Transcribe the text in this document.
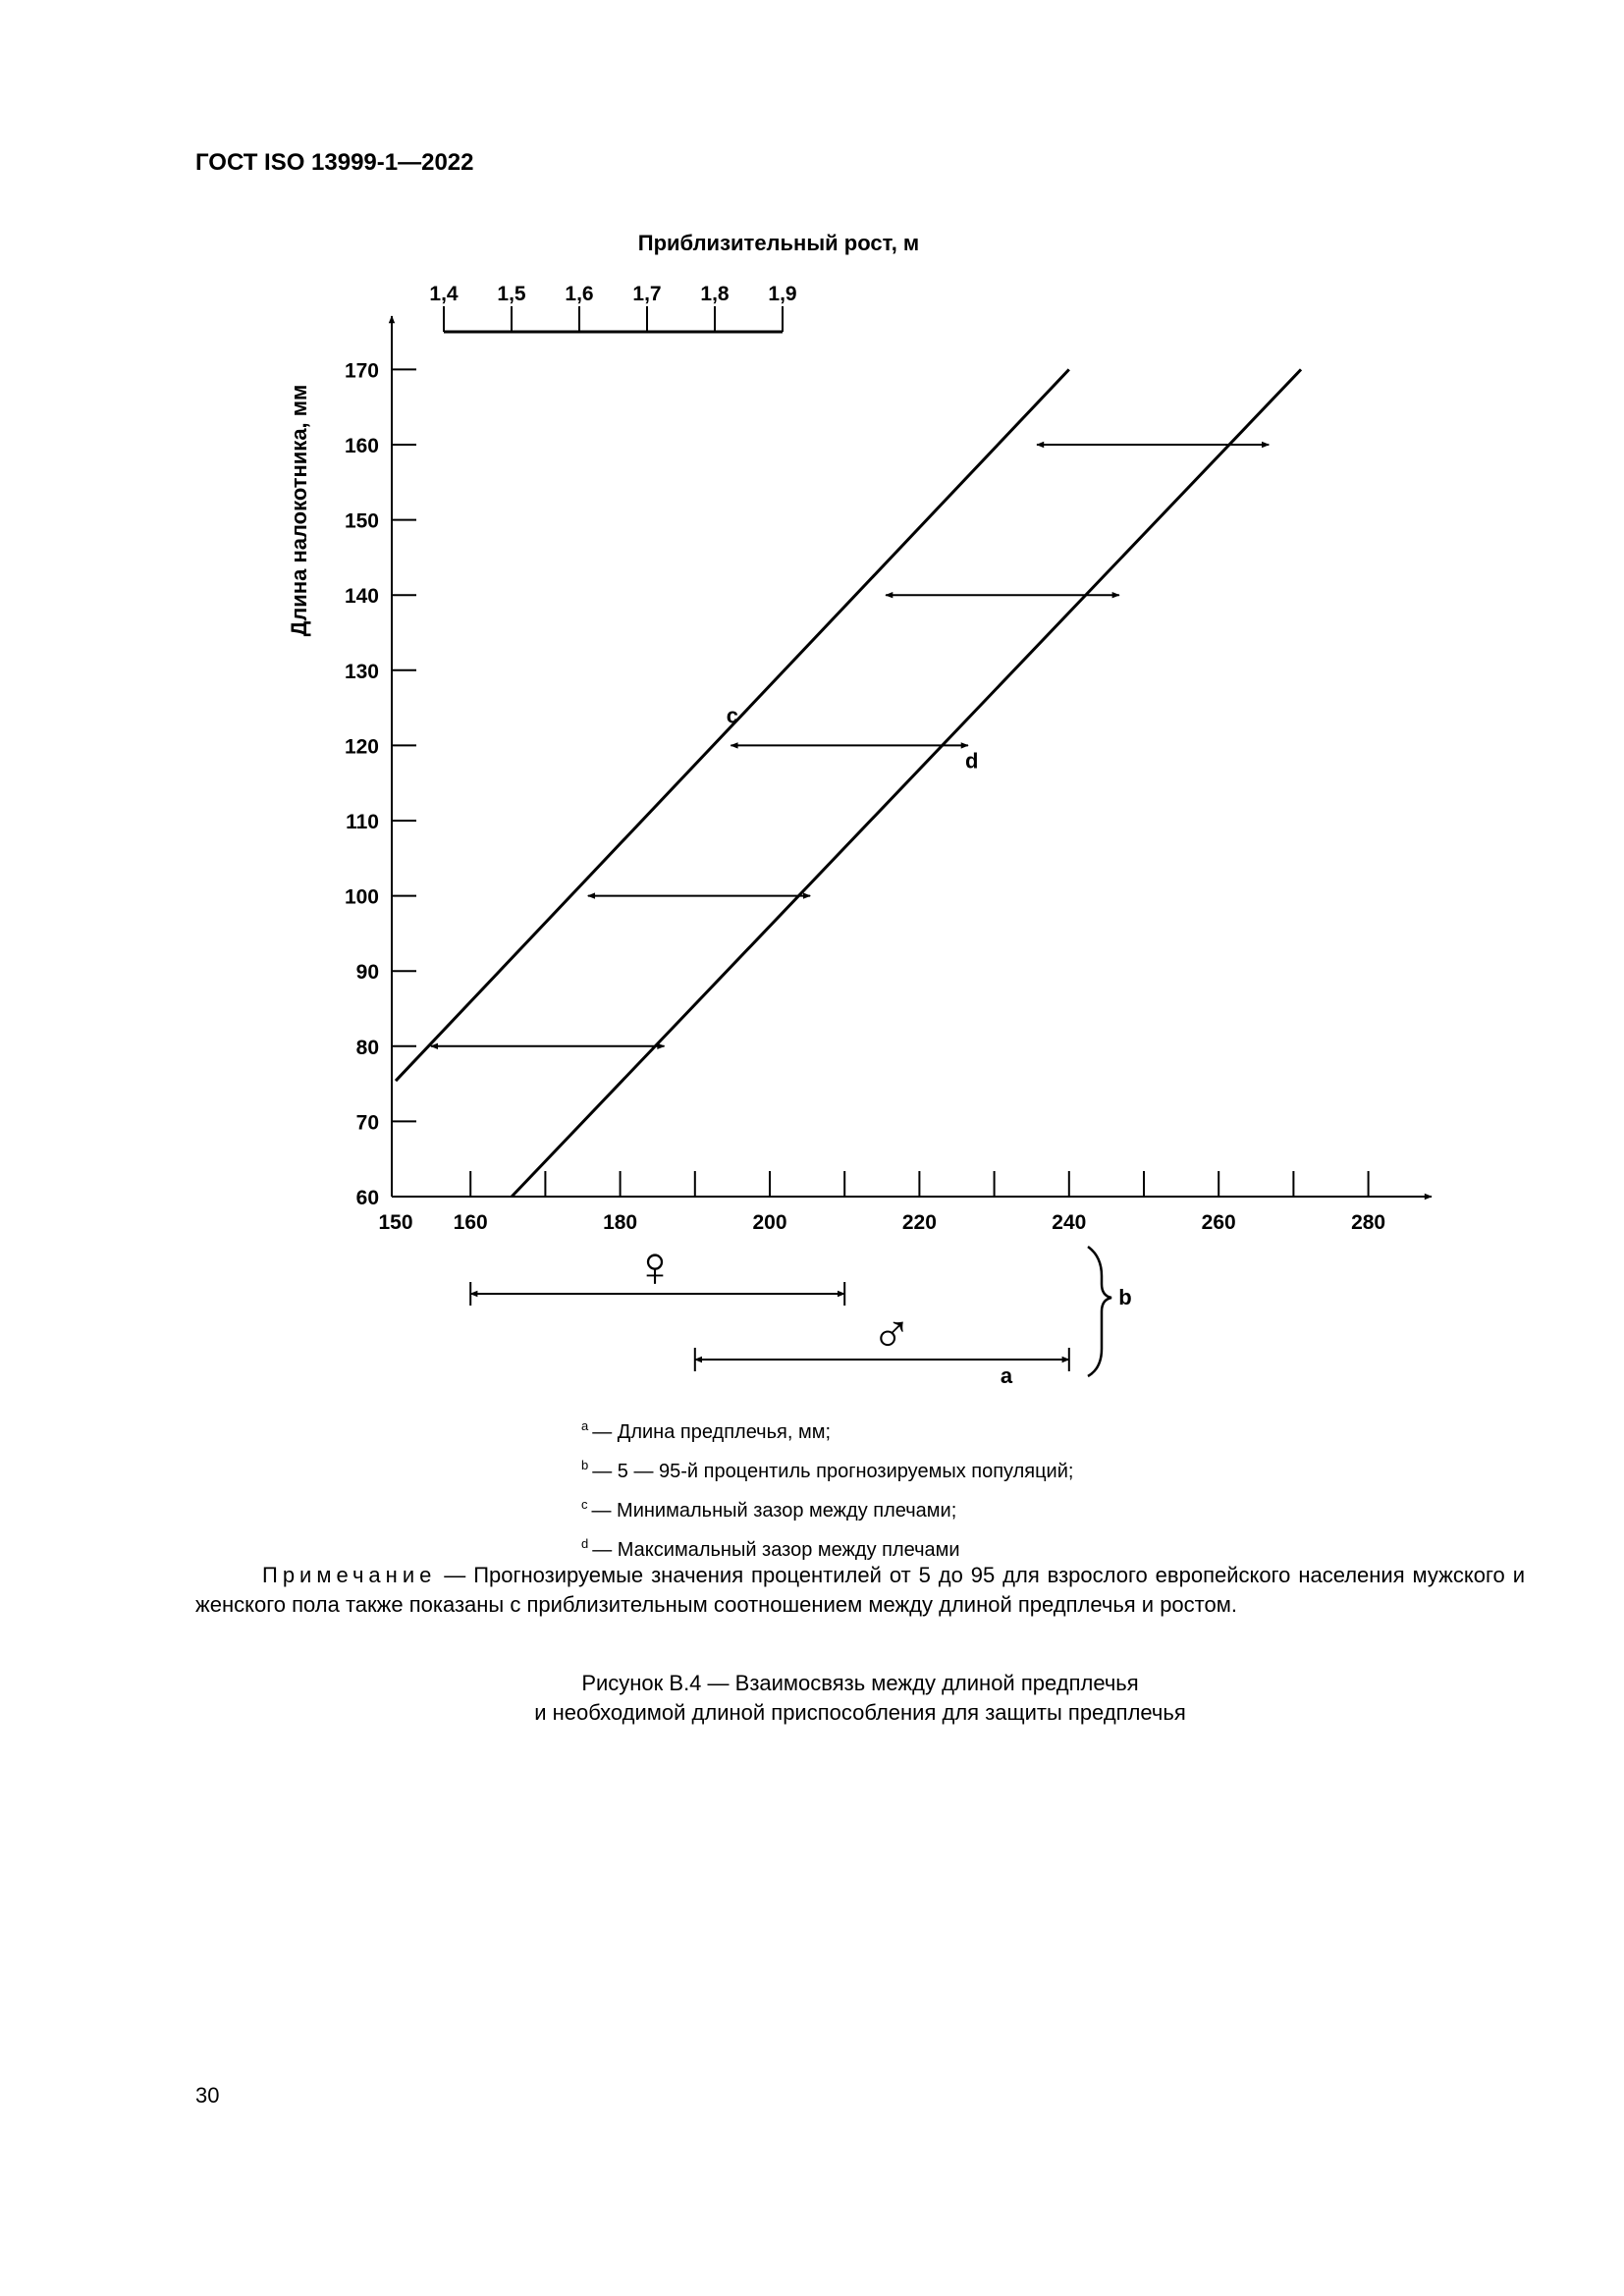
ГОСТ ISO 13999-1—2022
Приблизительный рост, м
1,4 1,5 1,6 1,7 1,8 1,9
60
70
80
90
100
110
120
130
140
150
160
170
Длина налокотника, мм
150 160	180	200	220	240	260	280
c
d
♀
♂
a
b
$^a$ — Длина предплечья, мм;
$^b$ — 5 — 95-й процентиль прогнозируемых популяций;
$^c$ — Минимальный зазор между плечами;
$^d$ — Максимальный зазор между плечами
Примечание — Прогнозируемые значения процентилей от 5 до 95 для взрослого европейского населения мужского и женского пола также показаны с приблизительным соотношением между длиной предплечья и ростом.
Рисунок В.4 — Взаимосвязь между длиной предплечья
и необходимой длиной приспособления для защиты предплечья
30
